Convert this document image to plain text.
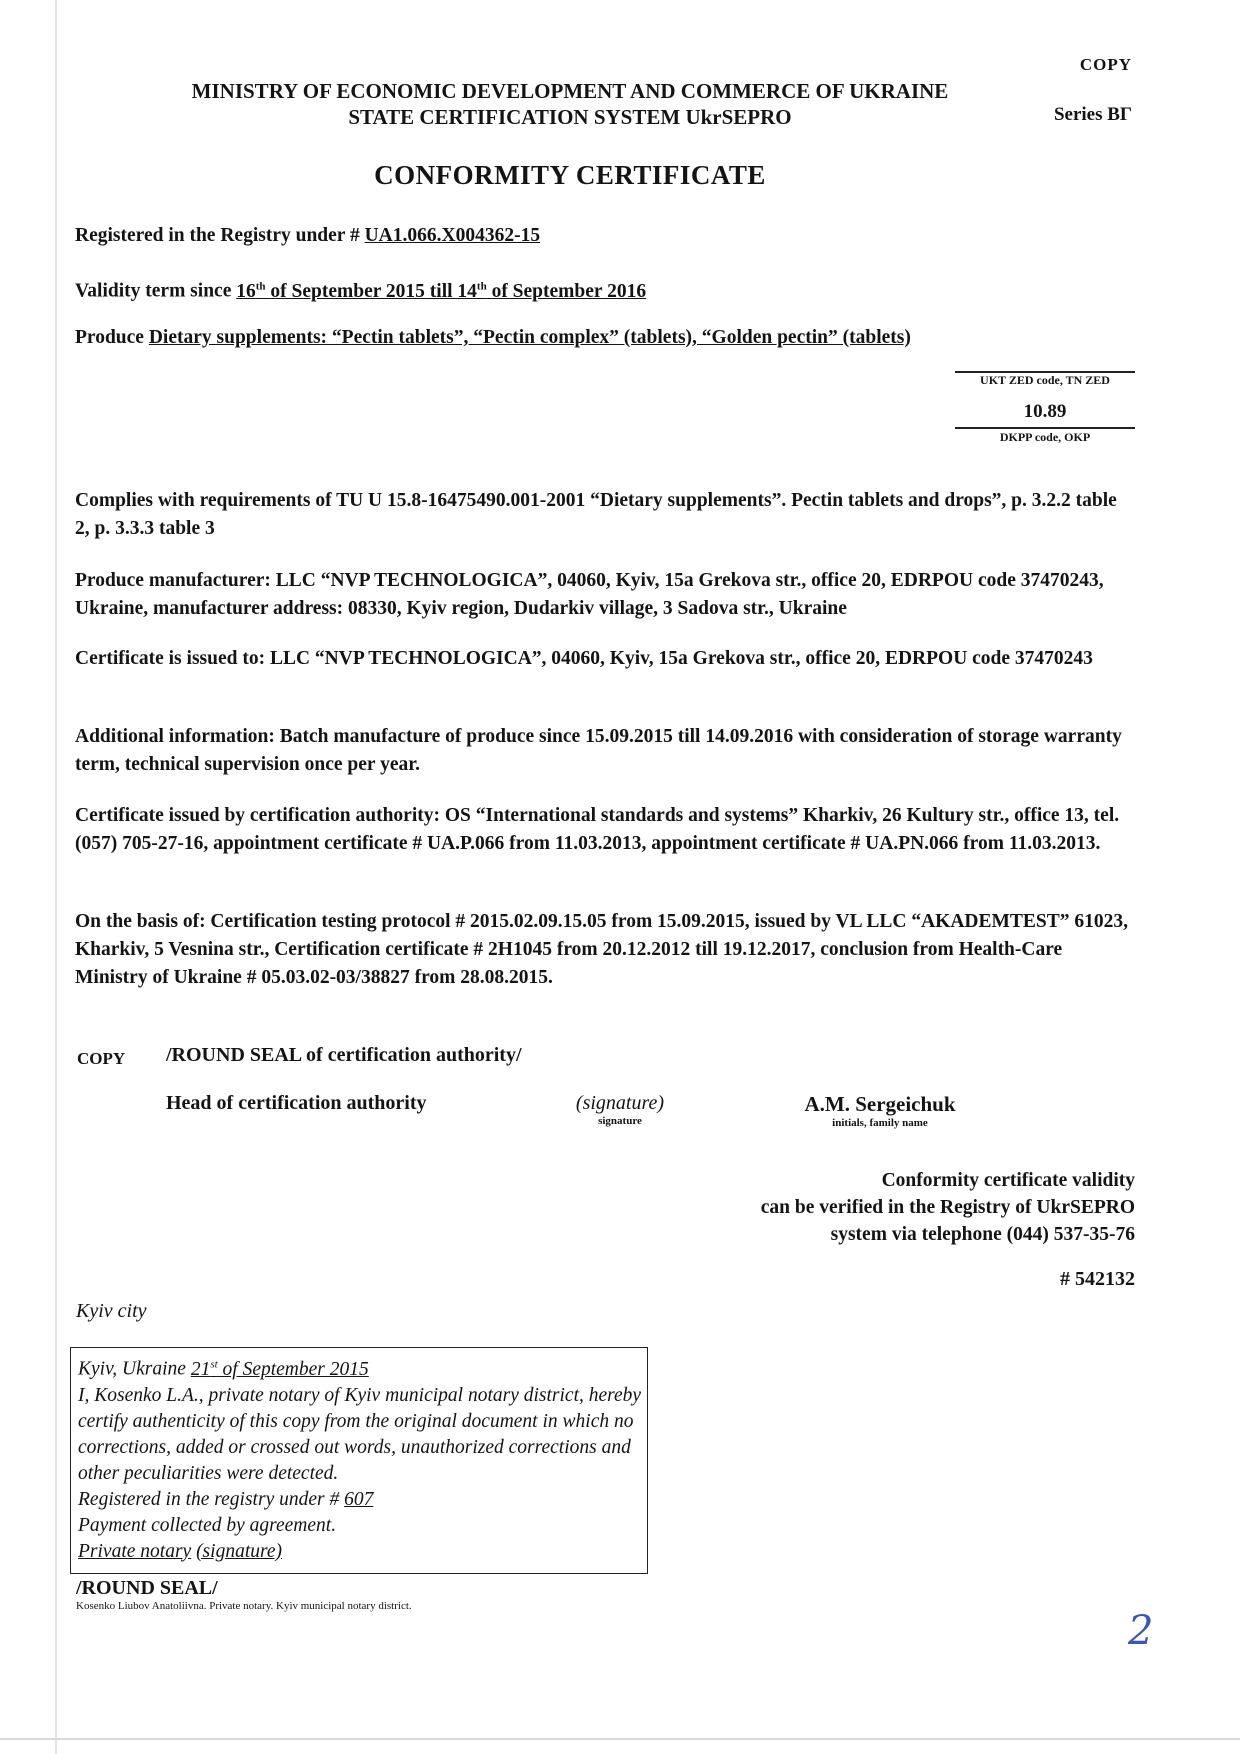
COPY
Series BΓ
MINISTRY OF ECONOMIC DEVELOPMENT AND COMMERCE OF UKRAINE
STATE CERTIFICATION SYSTEM UkrSEPRO
CONFORMITY CERTIFICATE
Registered in the Registry under # UA1.066.X004362-15
Validity term since 16th of September 2015 till 14th of September 2016
Produce Dietary supplements: “Pectin tablets”, “Pectin complex” (tablets), “Golden pectin” (tablets)
UKT ZED code, TN ZED
10.89
DKPP code, OKP
Complies with requirements of TU U 15.8-16475490.001-2001 “Dietary supplements”. Pectin tablets and drops”, p. 3.2.2 table 2, p. 3.3.3 table 3
Produce manufacturer: LLC “NVP TECHNOLOGICA”, 04060, Kyiv, 15a Grekova str., office 20, EDRPOU code 37470243, Ukraine, manufacturer address: 08330, Kyiv region, Dudarkiv village, 3 Sadova str., Ukraine
Certificate is issued to: LLC “NVP TECHNOLOGICA”, 04060, Kyiv, 15a Grekova str., office 20, EDRPOU code 37470243
Additional information: Batch manufacture of produce since 15.09.2015 till 14.09.2016 with consideration of storage warranty term, technical supervision once per year.
Certificate issued by certification authority: OS “International standards and systems” Kharkiv, 26 Kultury str., office 13, tel. (057) 705-27-16, appointment certificate # UA.P.066 from 11.03.2013, appointment certificate # UA.PN.066 from 11.03.2013.
On the basis of: Certification testing protocol # 2015.02.09.15.05 from 15.09.2015, issued by VL LLC “AKADEMTEST” 61023, Kharkiv, 5 Vesnina str., Certification certificate # 2H1045 from 20.12.2012 till 19.12.2017, conclusion from Health-Care Ministry of Ukraine # 05.03.02-03/38827 from 28.08.2015.
COPY /ROUND SEAL of certification authority/
Head of certification authority	(signature)
signature
A.M. Sergeichuk
initials, family name
Conformity certificate validity
can be verified in the Registry of UkrSEPRO
system via telephone (044) 537-35-76
# 542132
Kyiv city
Kyiv, Ukraine 21st of September 2015
I, Kosenko L.A., private notary of Kyiv municipal notary district, hereby certify authenticity of this copy from the original document in which no corrections, added or crossed out words, unauthorized corrections and other peculiarities were detected.
Registered in the registry under # 607
Payment collected by agreement.
Private notary (signature)
/ROUND SEAL/
Kosenko Liubov Anatoliivna. Private notary. Kyiv municipal notary district.
2
